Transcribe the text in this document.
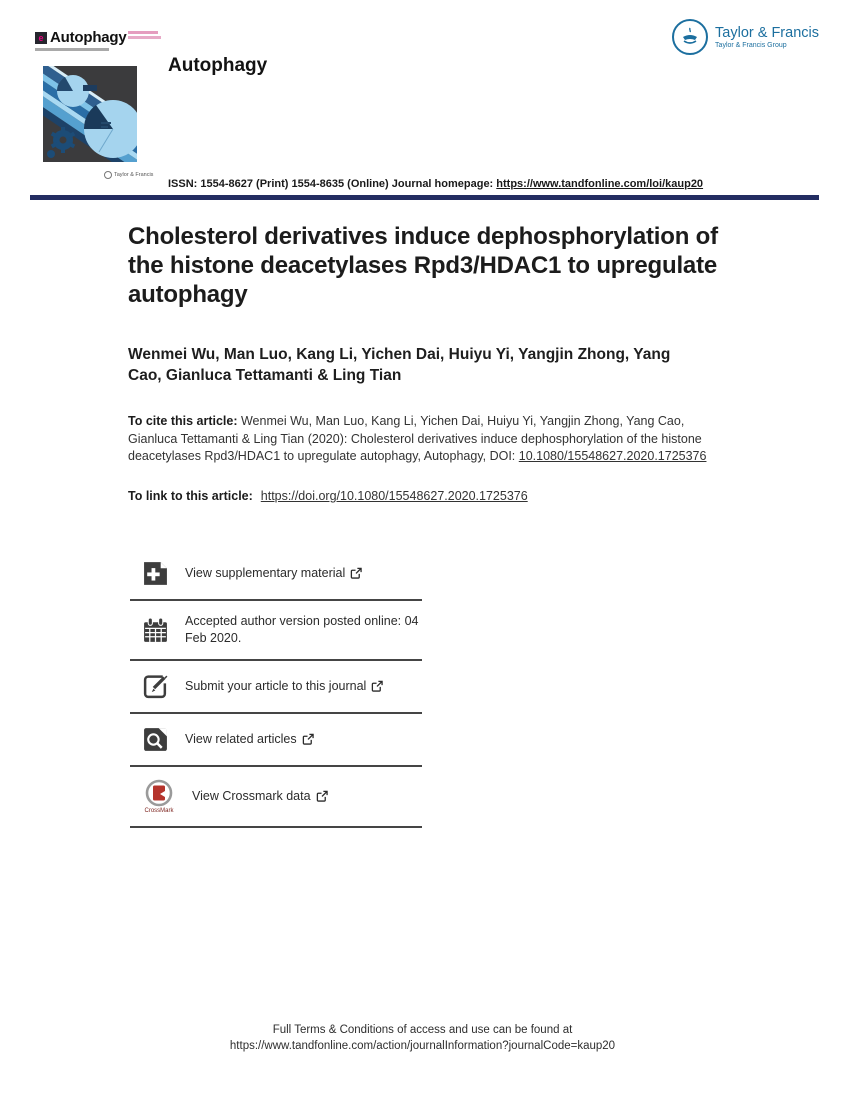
e Autophagy	Taylor & Francis
Taylor & Francis Group
Taylor & Francis
Autophagy
ISSN: 1554-8627 (Print) 1554-8635 (Online) Journal homepage: https://www.tandfonline.com/loi/kaup20
Cholesterol derivatives induce dephosphorylation of the histone deacetylases Rpd3/HDAC1 to upregulate autophagy
Wenmei Wu, Man Luo, Kang Li, Yichen Dai, Huiyu Yi, Yangjin Zhong, Yang Cao, Gianluca Tettamanti & Ling Tian
To cite this article: Wenmei Wu, Man Luo, Kang Li, Yichen Dai, Huiyu Yi, Yangjin Zhong, Yang Cao, Gianluca Tettamanti & Ling Tian (2020): Cholesterol derivatives induce dephosphorylation of the histone deacetylases Rpd3/HDAC1 to upregulate autophagy, Autophagy, DOI: 10.1080/15548627.2020.1725376
To link to this article: https://doi.org/10.1080/15548627.2020.1725376
View supplementary material
Accepted author version posted online: 04 Feb 2020.
Submit your article to this journal
View related articles
CrossMark
View Crossmark data
Full Terms & Conditions of access and use can be found at
https://www.tandfonline.com/action/journalInformation?journalCode=kaup20
